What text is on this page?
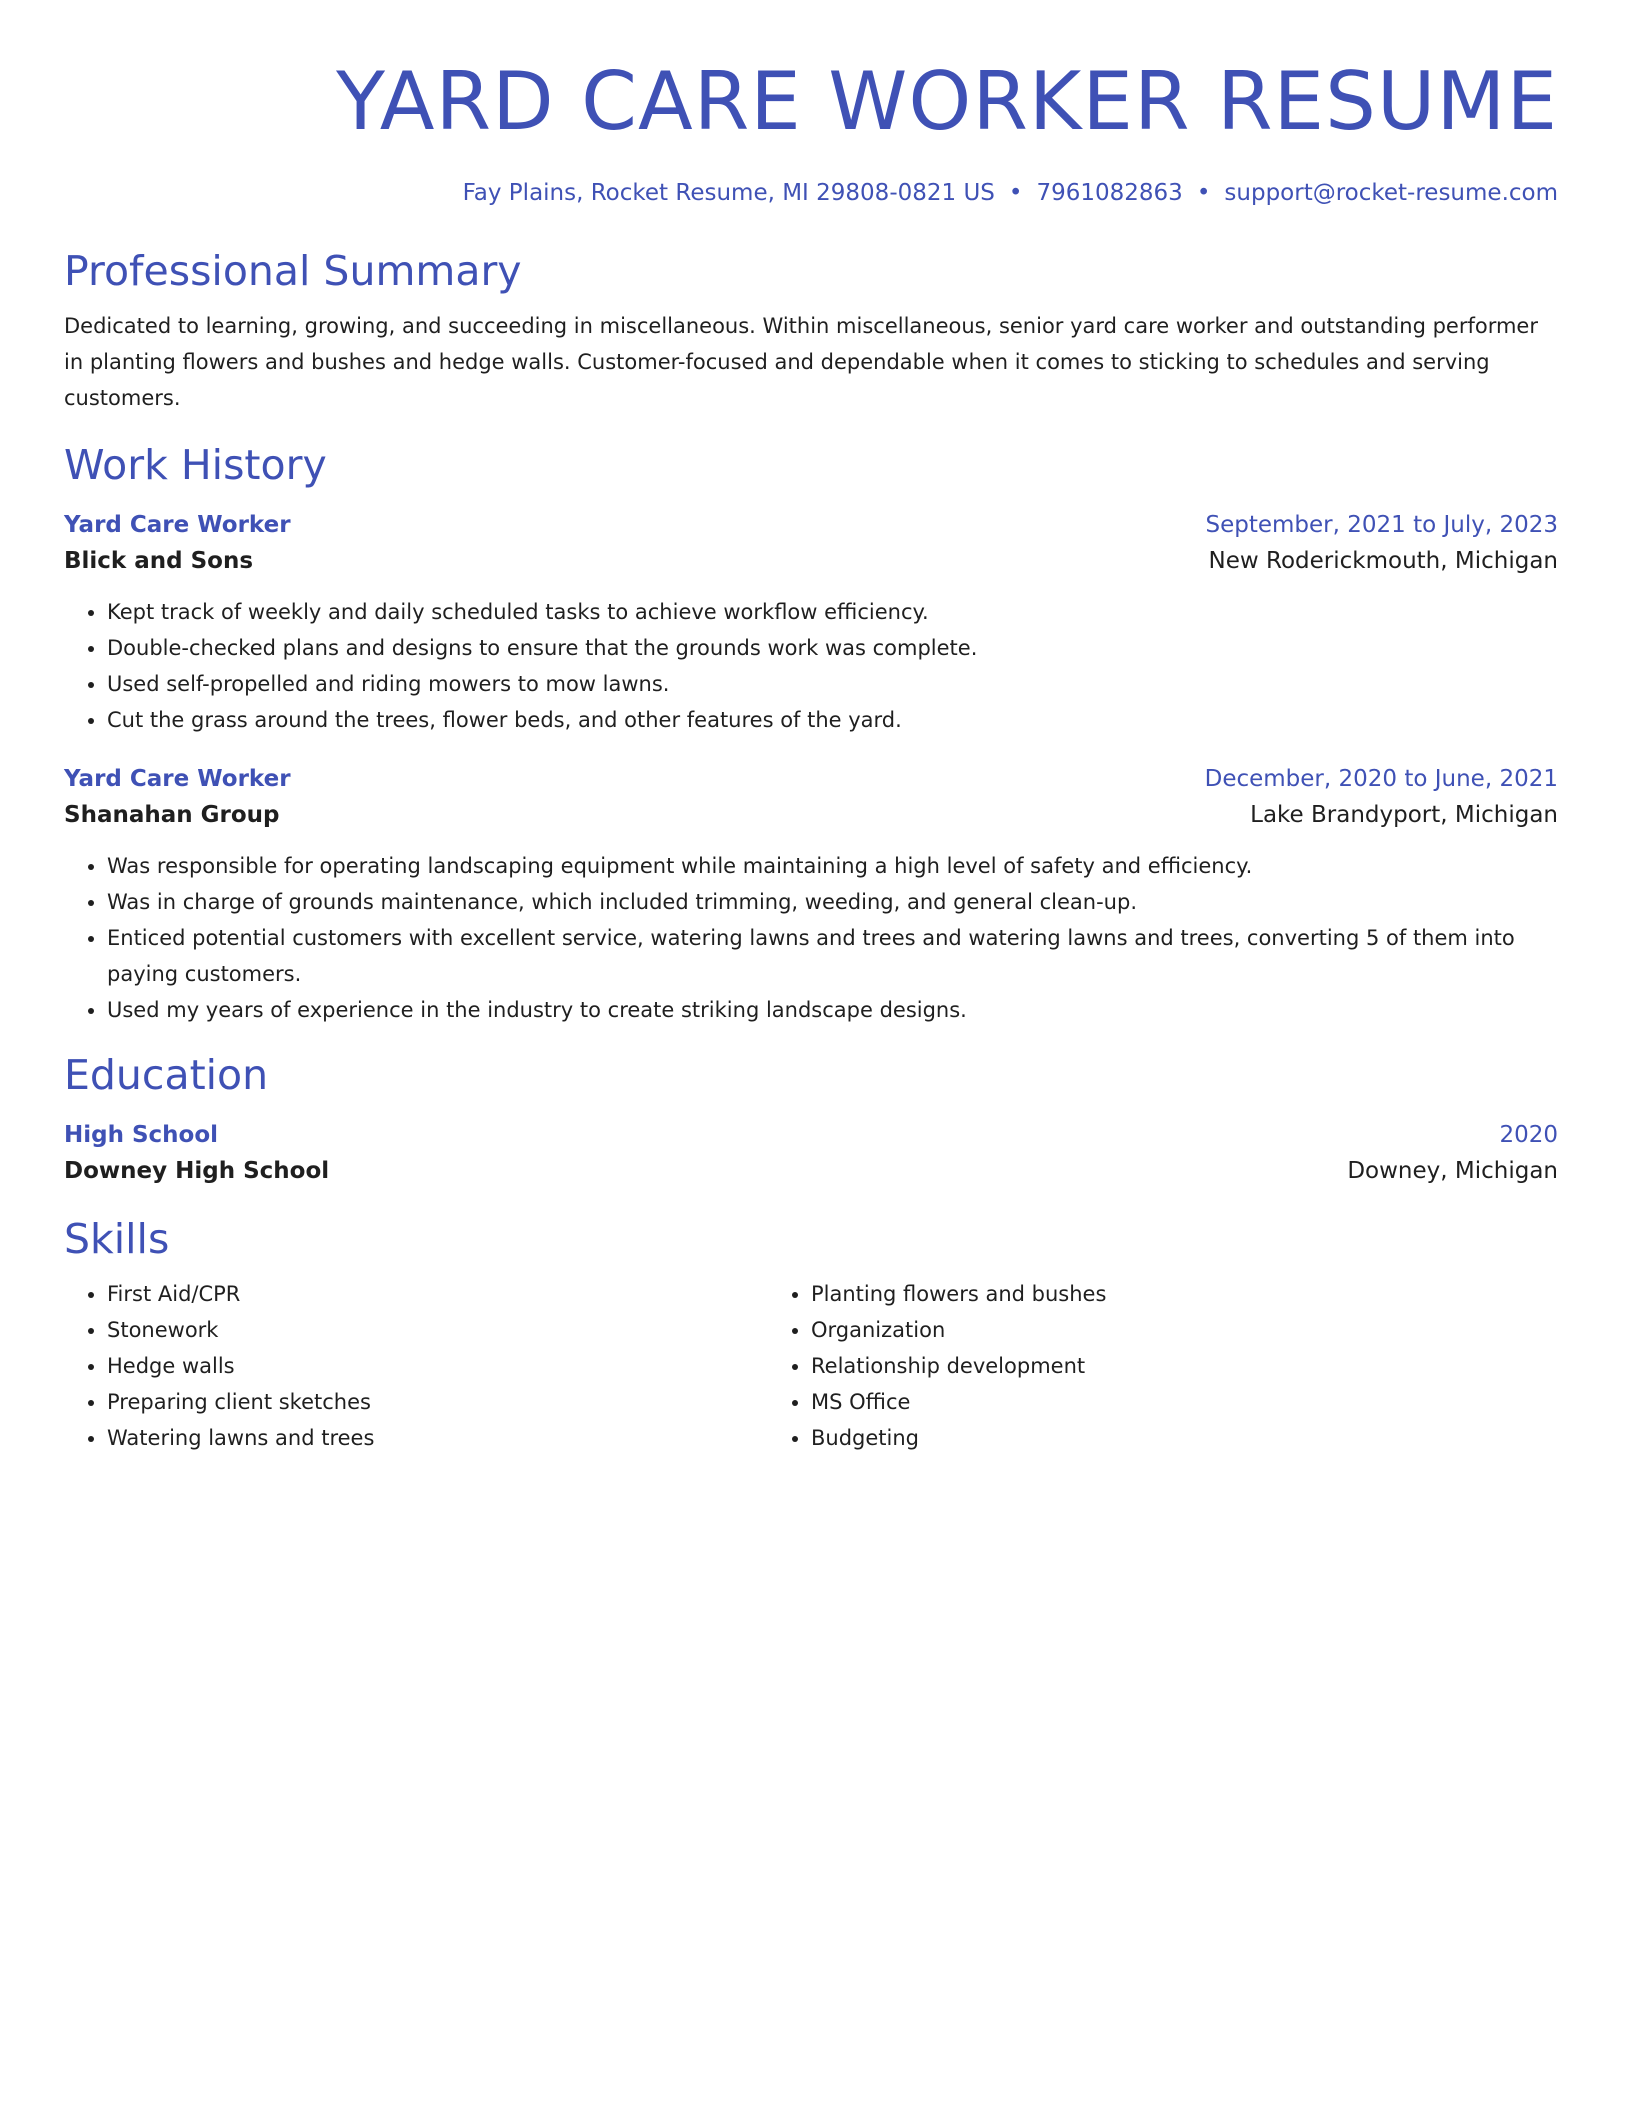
YARD CARE WORKER RESUME
Fay Plains, Rocket Resume, MI 29808-0821 US • 7961082863 • support@rocket-resume.com
Professional Summary

Dedicated to learning, growing, and succeeding in miscellaneous. Within miscellaneous, senior yard care worker and outstanding performer in planting flowers and bushes and hedge walls. Customer-focused and dependable when it comes to sticking to schedules and serving customers.

Work History
Yard Care Worker	September, 2021 to July, 2023
Blick and Sons	New Roderickmouth, Michigan
• Kept track of weekly and daily scheduled tasks to achieve workflow efficiency.
• Double-checked plans and designs to ensure that the grounds work was complete.
• Used self-propelled and riding mowers to mow lawns.
• Cut the grass around the trees, flower beds, and other features of the yard.
Yard Care Worker	December, 2020 to June, 2021
Shanahan Group	Lake Brandyport, Michigan
• Was responsible for operating landscaping equipment while maintaining a high level of safety and efficiency.
• Was in charge of grounds maintenance, which included trimming, weeding, and general clean-up.
• Enticed potential customers with excellent service, watering lawns and trees and watering lawns and trees, converting 5 of them into paying customers.
• Used my years of experience in the industry to create striking landscape designs.
Education
High School	2020
Downey High School	Downey, Michigan
Skills
• First Aid/CPR
• Stonework
• Hedge walls
• Preparing client sketches
• Watering lawns and trees
• Planting flowers and bushes
• Organization
• Relationship development
• MS Office
• Budgeting
